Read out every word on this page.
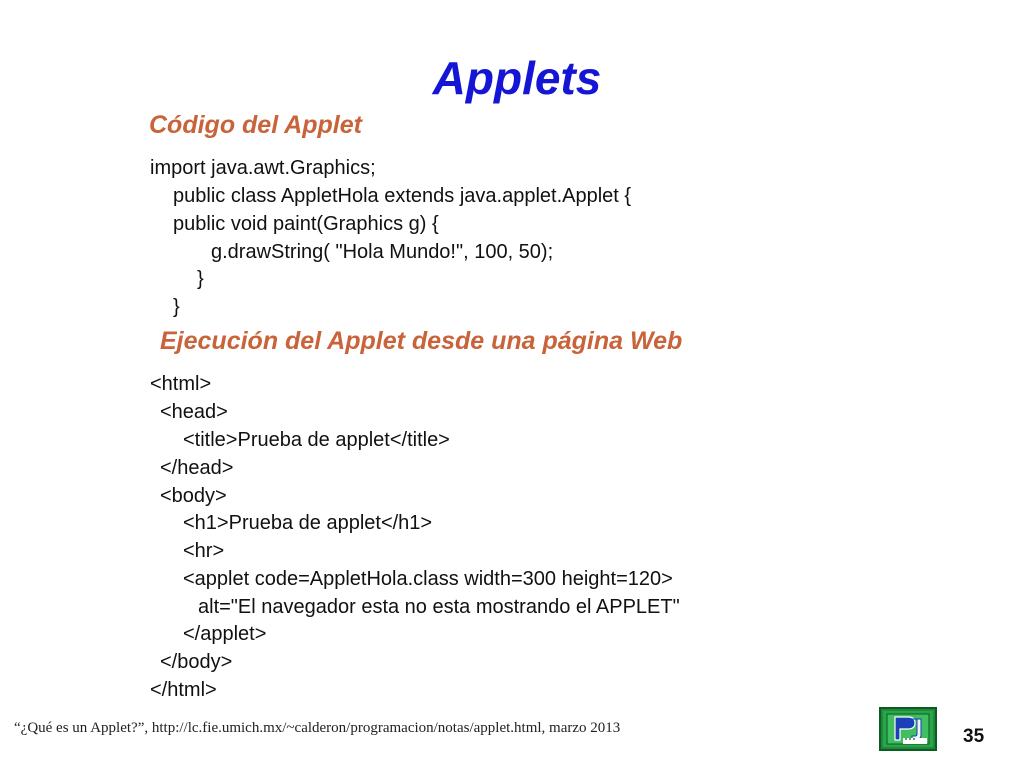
Applets
Código del Applet
import java.awt.Graphics;
public class AppletHola extends java.applet.Applet {
public void paint(Graphics g) {
g.drawString( "Hola Mundo!", 100, 50);
}
}
Ejecución del Applet desde una página Web
<html>
<head>
<title>Prueba de applet</title>
</head>
<body>
<h1>Prueba de applet</h1>
<hr>
<applet code=AppletHola.class width=300 height=120>
alt="El navegador esta no esta mostrando el APPLET"
</applet>
</body>
</html>
“¿Qué es un Applet?”, http://lc.fie.umich.mx/~calderon/programacion/notas/applet.html, marzo 2013	35
